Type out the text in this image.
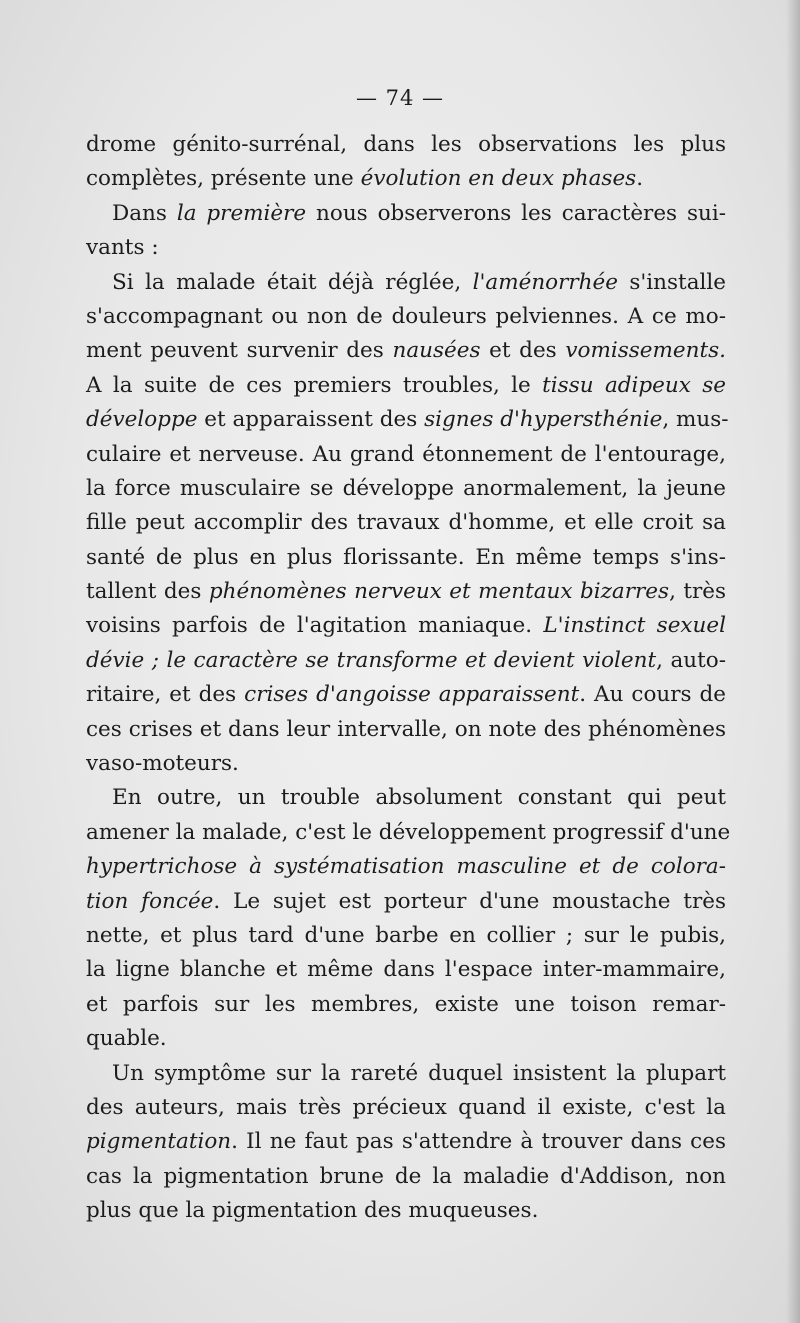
— 74 —
drome génito-surrénal, dans les observations les plus
complètes, présente une évolution en deux phases.
Dans la première nous observerons les caractères sui-
vants :
Si la malade était déjà réglée, l'aménorrhée s'installe
s'accompagnant ou non de douleurs pelviennes. A ce mo-
ment peuvent survenir des nausées et des vomissements.
A la suite de ces premiers troubles, le tissu adipeux se
développe et apparaissent des signes d'hypersthénie, mus-
culaire et nerveuse. Au grand étonnement de l'entourage,
la force musculaire se développe anormalement, la jeune
fille peut accomplir des travaux d'homme, et elle croit sa
santé de plus en plus florissante. En même temps s'ins-
tallent des phénomènes nerveux et mentaux bizarres, très
voisins parfois de l'agitation maniaque. L'instinct sexuel
dévie ; le caractère se transforme et devient violent, auto-
ritaire, et des crises d'angoisse apparaissent. Au cours de
ces crises et dans leur intervalle, on note des phénomènes
vaso-moteurs.
En outre, un trouble absolument constant qui peut
amener la malade, c'est le développement progressif d'une
hypertrichose à systématisation masculine et de colora-
tion foncée. Le sujet est porteur d'une moustache très
nette, et plus tard d'une barbe en collier ; sur le pubis,
la ligne blanche et même dans l'espace inter-mammaire,
et parfois sur les membres, existe une toison remar-
quable.
Un symptôme sur la rareté duquel insistent la plupart
des auteurs, mais très précieux quand il existe, c'est la
pigmentation. Il ne faut pas s'attendre à trouver dans ces
cas la pigmentation brune de la maladie d'Addison, non
plus que la pigmentation des muqueuses.
